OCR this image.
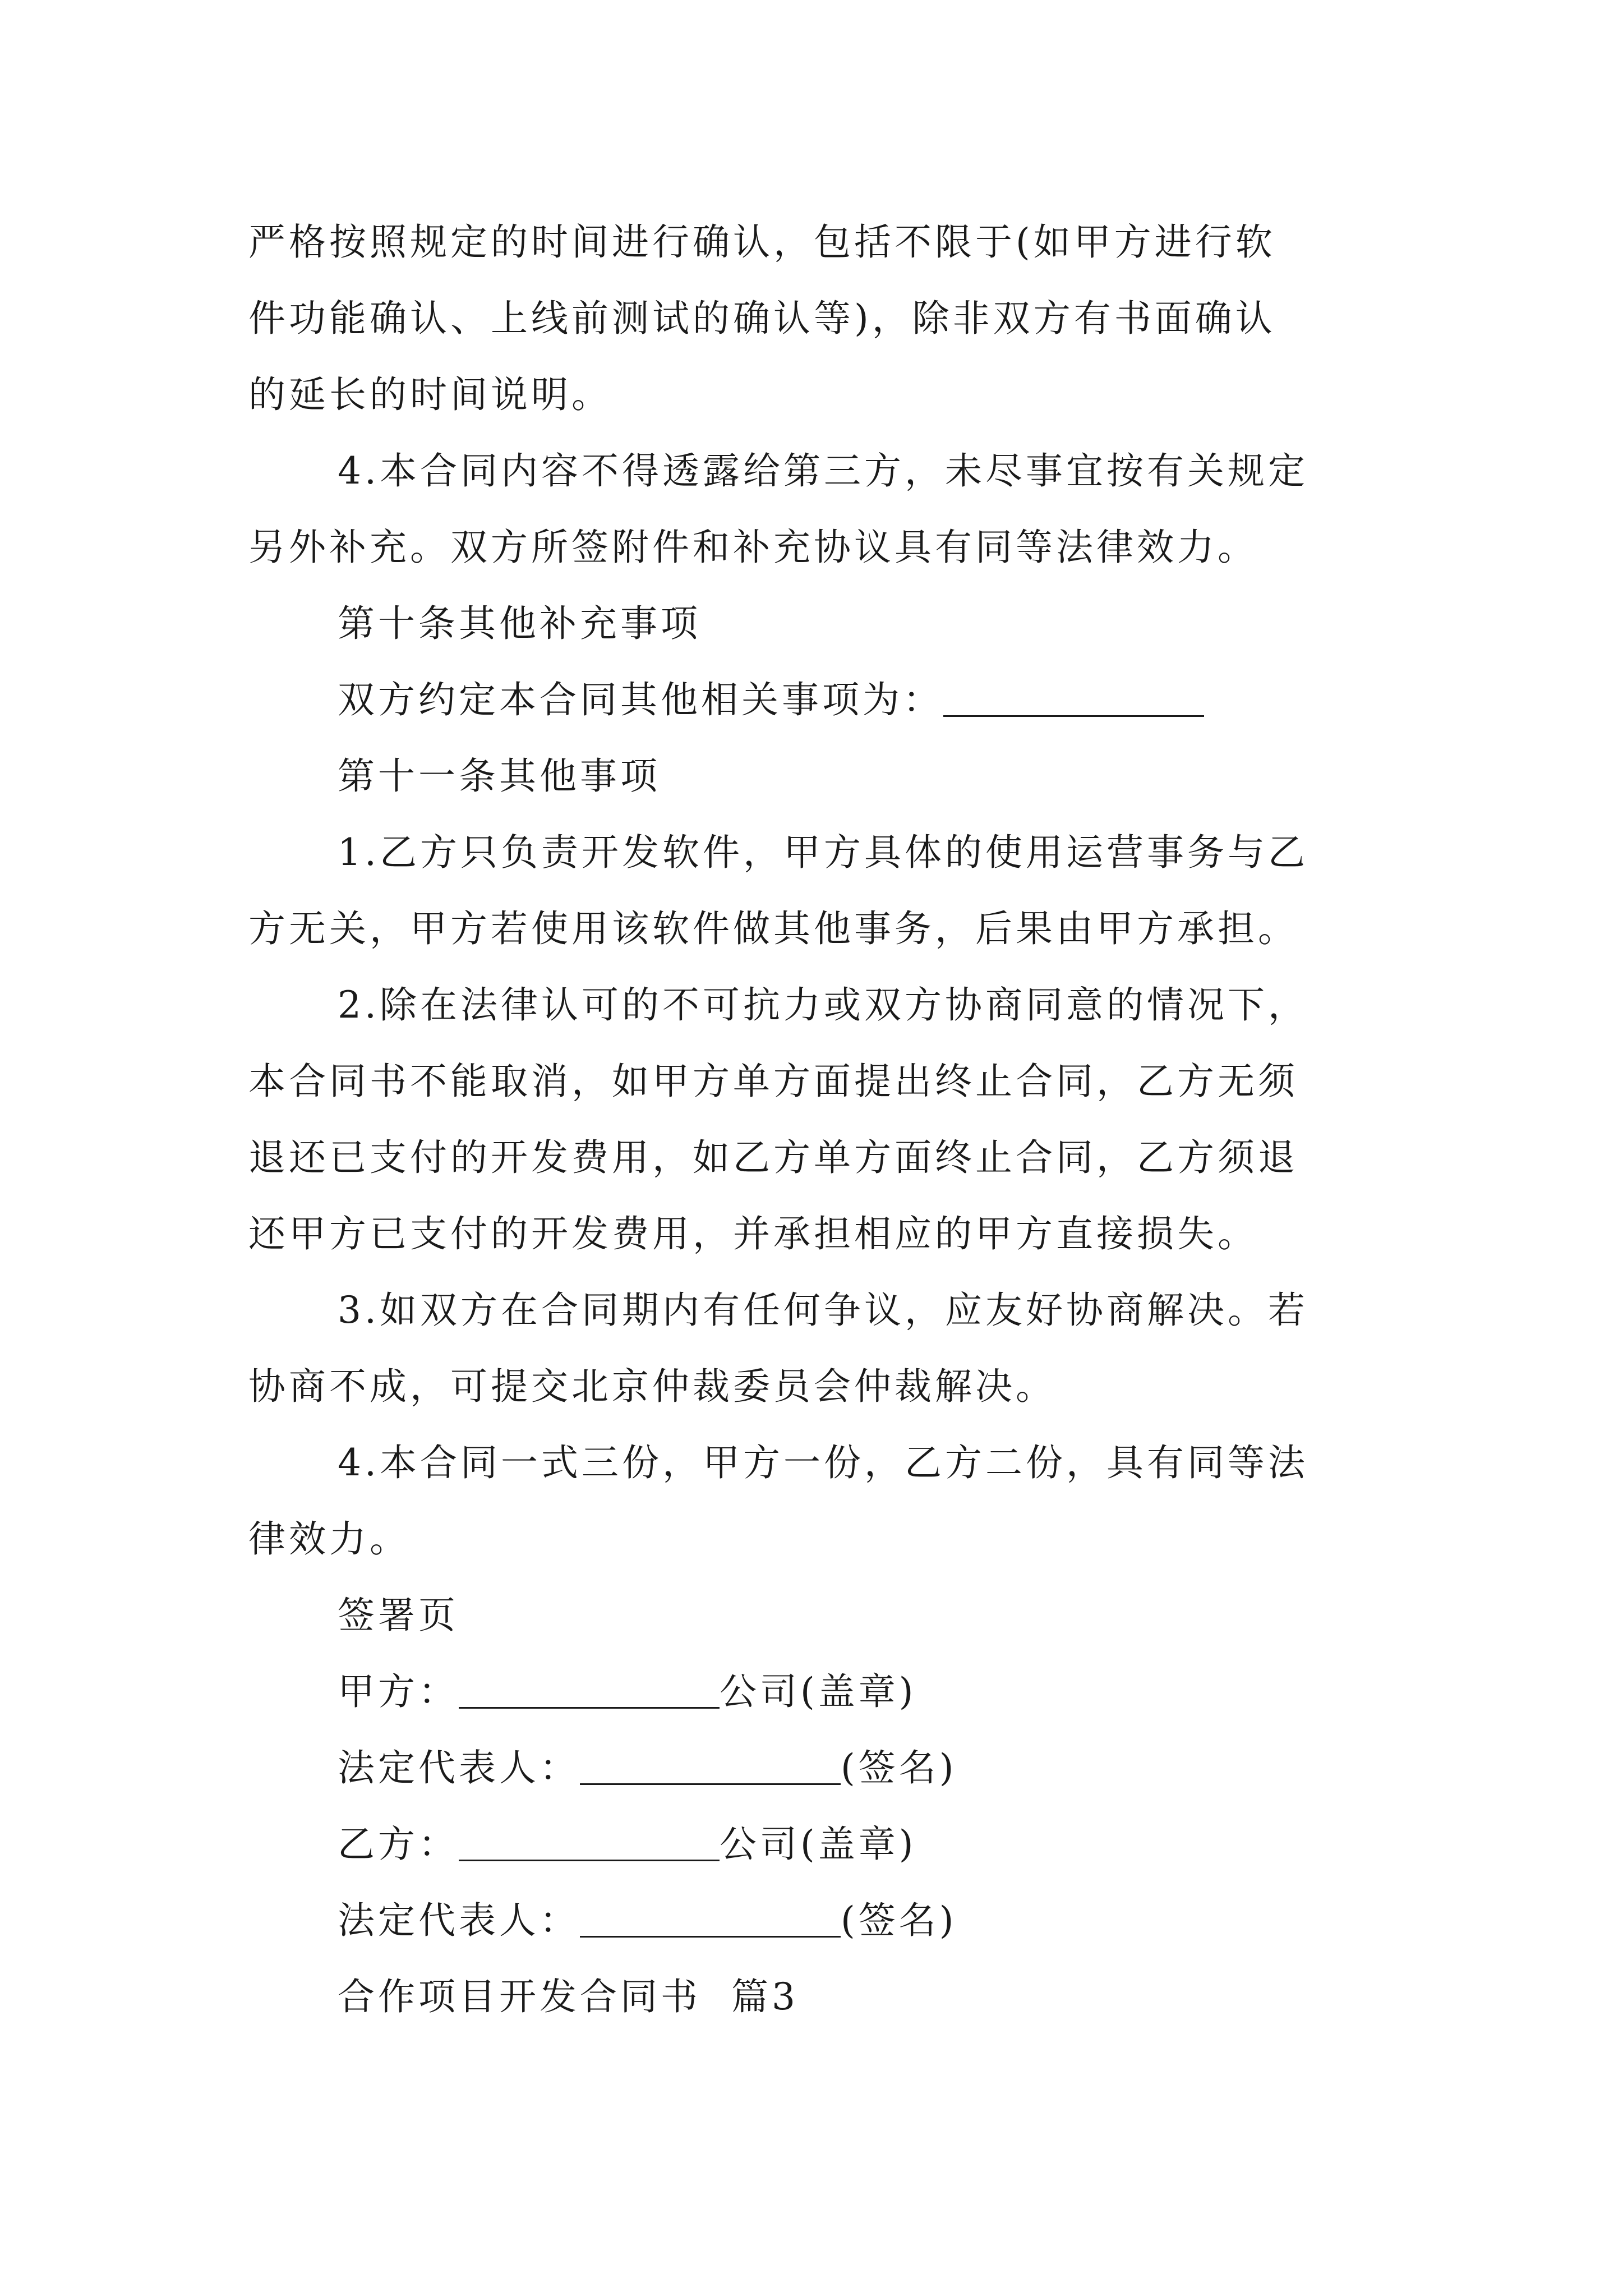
严格按照规定的时间进行确认，包括不限于(如甲方进行软
件功能确认、上线前测试的确认等)，除非双方有书面确认
的延长的时间说明。
4.本合同内容不得透露给第三方，未尽事宜按有关规定
另外补充。双方所签附件和补充协议具有同等法律效力。
第十条其他补充事项
双方约定本合同其他相关事项为：
第十一条其他事项
1.乙方只负责开发软件，甲方具体的使用运营事务与乙
方无关，甲方若使用该软件做其他事务，后果由甲方承担。
2.除在法律认可的不可抗力或双方协商同意的情况下，
本合同书不能取消，如甲方单方面提出终止合同，乙方无须
退还已支付的开发费用，如乙方单方面终止合同，乙方须退
还甲方已支付的开发费用，并承担相应的甲方直接损失。
3.如双方在合同期内有任何争议，应友好协商解决。若
协商不成，可提交北京仲裁委员会仲裁解决。
4.本合同一式三份，甲方一份，乙方二份，具有同等法
律效力。
签署页
甲方：	公司(盖章)
法定代表人：	(签名)
乙方：	公司(盖章)
法定代表人：	(签名)
合作项目开发合同书  篇3
